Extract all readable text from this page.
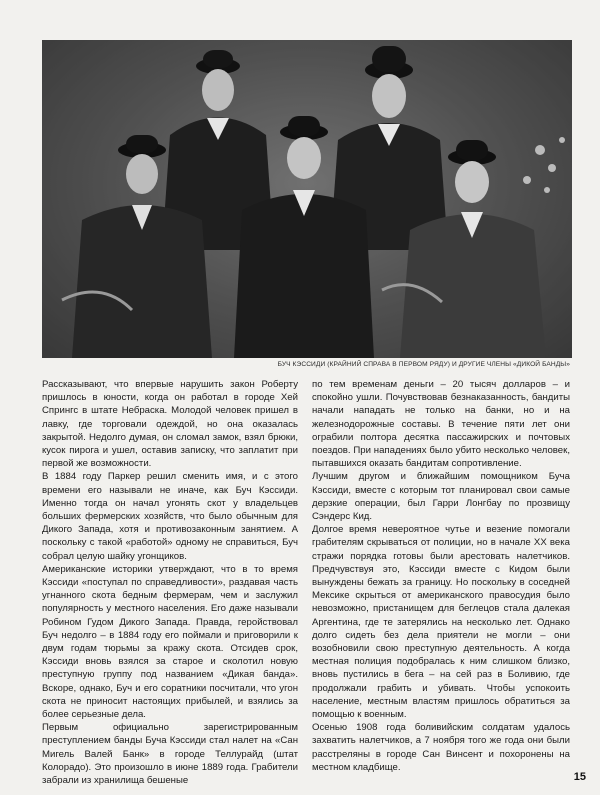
БУЧ КЭССИДИ (КРАЙНИЙ СПРАВА В ПЕРВОМ РЯДУ) И ДРУГИЕ ЧЛЕНЫ «ДИКОЙ БАНДЫ»

Рассказывают, что впервые нарушить закон Роберту пришлось в юности, когда он работал в городе Хей Спрингс в штате Небраска. Молодой человек пришел в лавку, где торговали одеждой, но она оказалась закрытой. Недолго думая, он сломал замок, взял брюки, кусок пирога и ушел, оставив записку, что заплатит при первой же возможности.

В 1884 году Паркер решил сменить имя, и с этого времени его называли не иначе, как Буч Кэссиди. Именно тогда он начал угонять скот у владельцев больших фермерских хозяйств, что было обычным для Дикого Запада, хотя и противозаконным занятием. А поскольку с такой «работой» одному не справиться, Буч собрал целую шайку угонщиков.

Американские историки утверждают, что в то время Кэссиди «поступал по справедливости», раздавая часть угнанного скота бедным фермерам, чем и заслужил популярность у местного населения. Его даже называли Робином Гудом Дикого Запада. Правда, геройствовал Буч недолго – в 1884 году его поймали и приговорили к двум годам тюрьмы за кражу скота. Отсидев срок, Кэссиди вновь взялся за старое и сколотил новую преступную группу под названием «Дикая банда». Вскоре, однако, Буч и его соратники посчитали, что угон скота не приносит настоящих прибылей, и взялись за более серьезные дела.

Первым официально зарегистрированным преступлением банды Буча Кэссиди стал налет на «Сан Мигель Валей Банк» в городе Теллурайд (штат Колорадо). Это произошло в июне 1889 года. Грабители забрали из хранилища бешеные

по тем временам деньги – 20 тысяч долларов – и спокойно ушли. Почувствовав безнаказанность, бандиты начали нападать не только на банки, но и на железнодорожные составы. В течение пяти лет они ограбили полтора десятка пассажирских и почтовых поездов. При нападениях было убито несколько человек, пытавшихся оказать бандитам сопротивление.

Лучшим другом и ближайшим помощником Буча Кэссиди, вместе с которым тот планировал свои самые дерзкие операции, был Гарри Лонгбау по прозвищу Сэндерс Кид.

Долгое время невероятное чутье и везение помогали грабителям скрываться от полиции, но в начале XX века стражи порядка готовы были арестовать налетчиков. Предчувствуя это, Кэссиди вместе с Кидом были вынуждены бежать за границу. Но поскольку в соседней Мексике скрыться от американского правосудия было невозможно, пристанищем для беглецов стала далекая Аргентина, где те затерялись на несколько лет. Однако долго сидеть без дела приятели не могли – они возобновили свою преступную деятельность. А когда местная полиция подобралась к ним слишком близко, вновь пустились в бега – на сей раз в Боливию, где продолжали грабить и убивать. Чтобы успокоить население, местным властям пришлось обратиться за помощью к военным.

Осенью 1908 года боливийским солдатам удалось захватить налетчиков, а 7 ноября того же года они были расстреляны в городе Сан Винсент и похоронены на местном кладбище.

15
